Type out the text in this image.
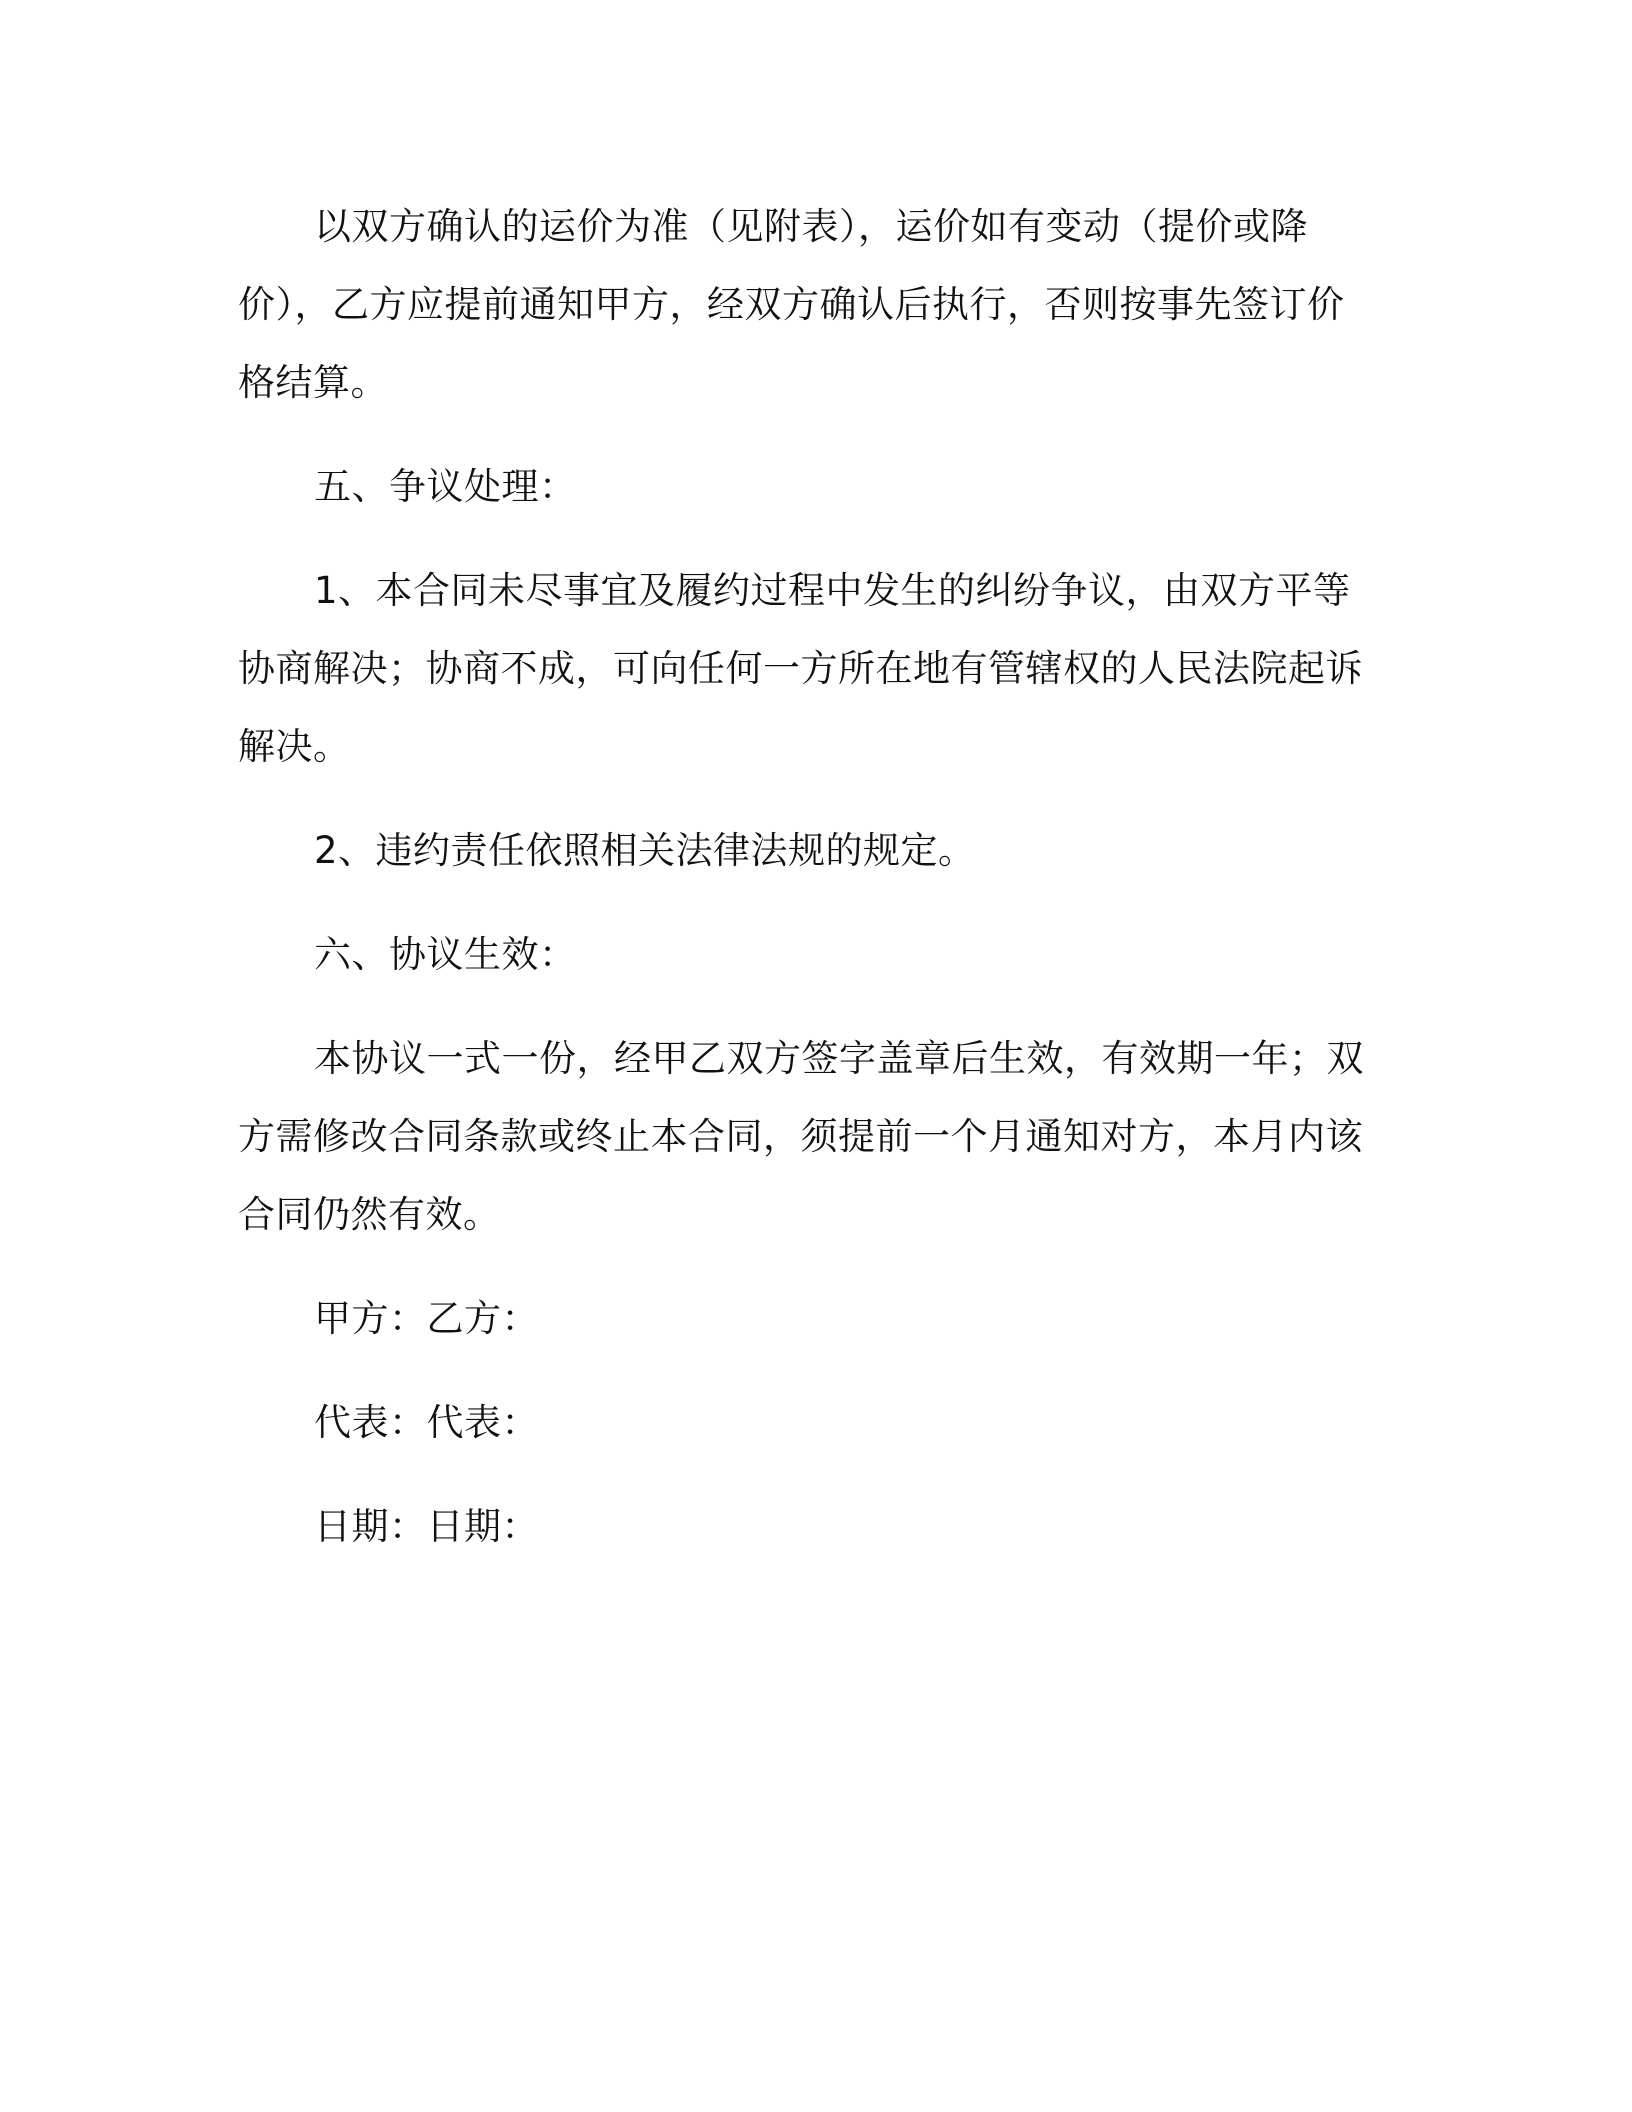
以双方确认的运价为准（见附表），运价如有变动（提价或降价），乙方应提前通知甲方，经双方确认后执行，否则按事先签订价格结算。

五、争议处理：

1、本合同未尽事宜及履约过程中发生的纠纷争议，由双方平等协商解决；协商不成，可向任何一方所在地有管辖权的人民法院起诉解决。

2、违约责任依照相关法律法规的规定。

六、协议生效：

本协议一式一份，经甲乙双方签字盖章后生效，有效期一年；双方需修改合同条款或终止本合同，须提前一个月通知对方，本月内该合同仍然有效。

甲方：乙方：

代表：代表：

日期：日期：
